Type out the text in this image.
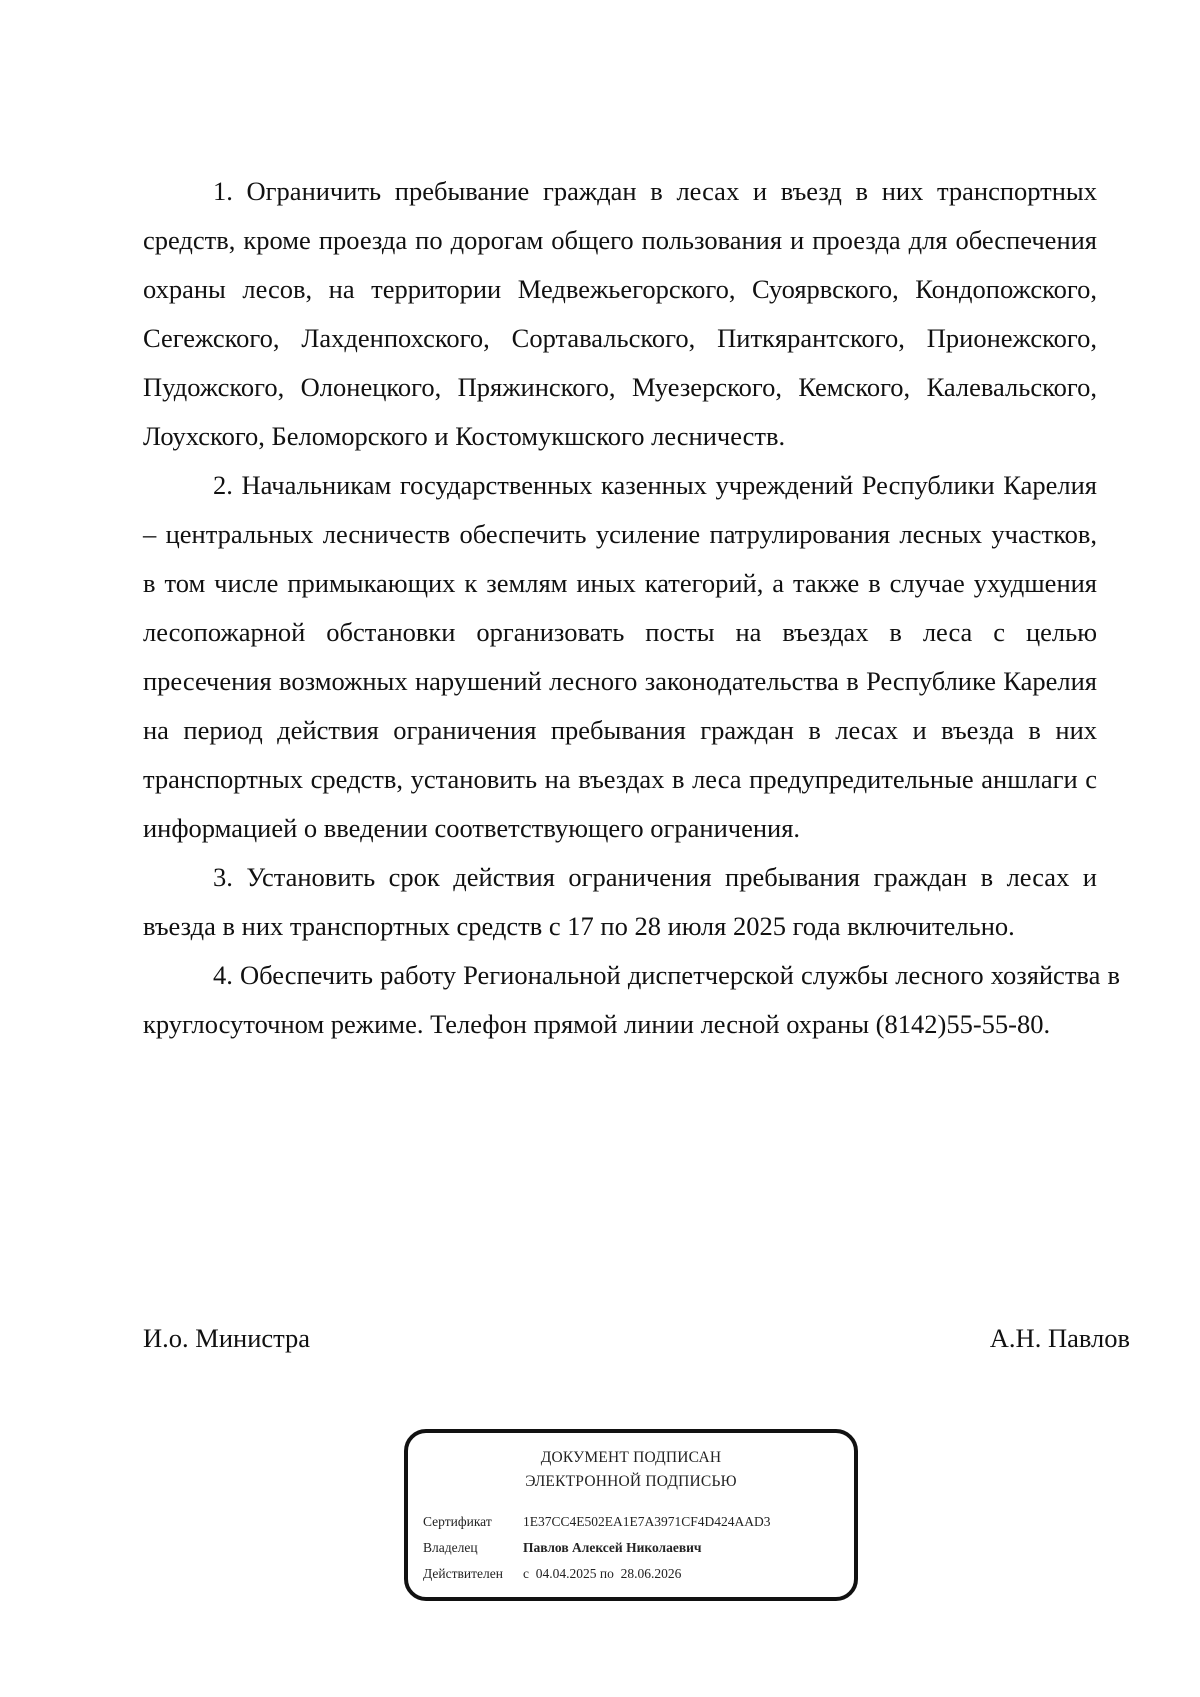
1. Ограничить пребывание граждан в лесах и въезд в них транспортных средств, кроме проезда по дорогам общего пользования и проезда для обеспечения охраны лесов, на территории Медвежьегорского, Суоярвского, Кондопожского, Сегежского, Лахденпохского, Сортавальского, Питкярантского, Прионежского, Пудожского, Олонецкого, Пряжинского, Муезерского, Кемского, Калевальского, Лоухского, Беломорского и Костомукшского лесничеств.

2. Начальникам государственных казенных учреждений Республики Карелия – центральных лесничеств обеспечить усиление патрулирования лесных участков, в том числе примыкающих к землям иных категорий, а также в случае ухудшения лесопожарной обстановки организовать посты на въездах в леса с целью пресечения возможных нарушений лесного законодательства в Республике Карелия на период действия ограничения пребывания граждан в лесах и въезда в них транспортных средств, установить на въездах в леса предупредительные аншлаги с информацией о введении соответствующего ограничения.

3. Установить срок действия ограничения пребывания граждан в лесах и въезда в них транспортных средств с 17 по 28 июля 2025 года включительно.

4. Обеспечить работу Региональной диспетчерской службы лесного хозяйства в круглосуточном режиме. Телефон прямой линии лесной охраны (8142)55-55-80.

И.о. Министра	А.Н. Павлов
ДОКУМЕНТ ПОДПИСАН
ЭЛЕКТРОННОЙ ПОДПИСЬЮ
Сертификат 1E37CC4E502EA1E7A3971CF4D424AAD3
Владелец	Павлов Алексей Николаевич
Действителен с  04.04.2025 по  28.06.2026
